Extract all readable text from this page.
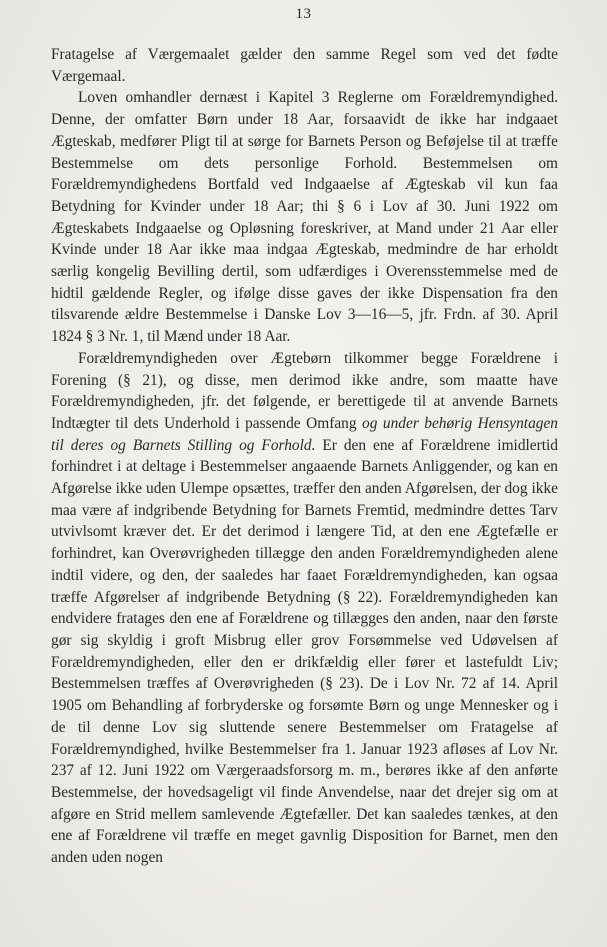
13

Fratagelse af Værgemaalet gælder den samme Regel som ved det fødte Værgemaal.

Loven omhandler dernæst i Kapitel 3 Reglerne om Forældremyndighed. Denne, der omfatter Børn under 18 Aar, forsaavidt de ikke har indgaaet Ægteskab, medfører Pligt til at sørge for Barnets Person og Beføjelse til at træffe Bestemmelse om dets personlige Forhold. Bestemmelsen om Forældremyndighedens Bortfald ved Indgaaelse af Ægteskab vil kun faa Betydning for Kvinder under 18 Aar; thi § 6 i Lov af 30. Juni 1922 om Ægteskabets Indgaaelse og Opløsning foreskriver, at Mand under 21 Aar eller Kvinde under 18 Aar ikke maa indgaa Ægteskab, medmindre de har erholdt særlig kongelig Bevilling dertil, som udfærdiges i Overensstemmelse med de hidtil gældende Regler, og ifølge disse gaves der ikke Dispensation fra den tilsvarende ældre Bestemmelse i Danske Lov 3—16—5, jfr. Frdn. af 30. April 1824 § 3 Nr. 1, til Mænd under 18 Aar.

Forældremyndigheden over Ægtebørn tilkommer begge Forældrene i Forening (§ 21), og disse, men derimod ikke andre, som maatte have Forældremyndigheden, jfr. det følgende, er berettigede til at anvende Barnets Indtægter til dets Underhold i passende Omfang og under behørig Hensyntagen til deres og Barnets Stilling og Forhold. Er den ene af Forældrene imidlertid forhindret i at deltage i Bestemmelser angaaende Barnets Anliggender, og kan en Afgørelse ikke uden Ulempe opsættes, træffer den anden Afgørelsen, der dog ikke maa være af indgribende Betydning for Barnets Fremtid, medmindre dettes Tarv utvivlsomt kræver det. Er det derimod i længere Tid, at den ene Ægtefælle er forhindret, kan Overøvrigheden tillægge den anden Forældremyndigheden alene indtil videre, og den, der saaledes har faaet Forældremyndigheden, kan ogsaa træffe Afgørelser af indgribende Betydning (§ 22). Forældremyndigheden kan endvidere fratages den ene af Forældrene og tillægges den anden, naar den første gør sig skyldig i groft Misbrug eller grov Forsømmelse ved Udøvelsen af Forældremyndigheden, eller den er drikfældig eller fører et lastefuldt Liv; Bestemmelsen træffes af Overøvrigheden (§ 23). De i Lov Nr. 72 af 14. April 1905 om Behandling af forbryderske og forsømte Børn og unge Mennesker og i de til denne Lov sig sluttende senere Bestemmelser om Fratagelse af Forældremyndighed, hvilke Bestemmelser fra 1. Januar 1923 afløses af Lov Nr. 237 af 12. Juni 1922 om Værgeraadsforsorg m. m., berøres ikke af den anførte Bestemmelse, der hovedsageligt vil finde Anvendelse, naar det drejer sig om at afgøre en Strid mellem samlevende Ægtefæller. Det kan saaledes tænkes, at den ene af Forældrene vil træffe en meget gavnlig Disposition for Barnet, men den anden uden nogen
